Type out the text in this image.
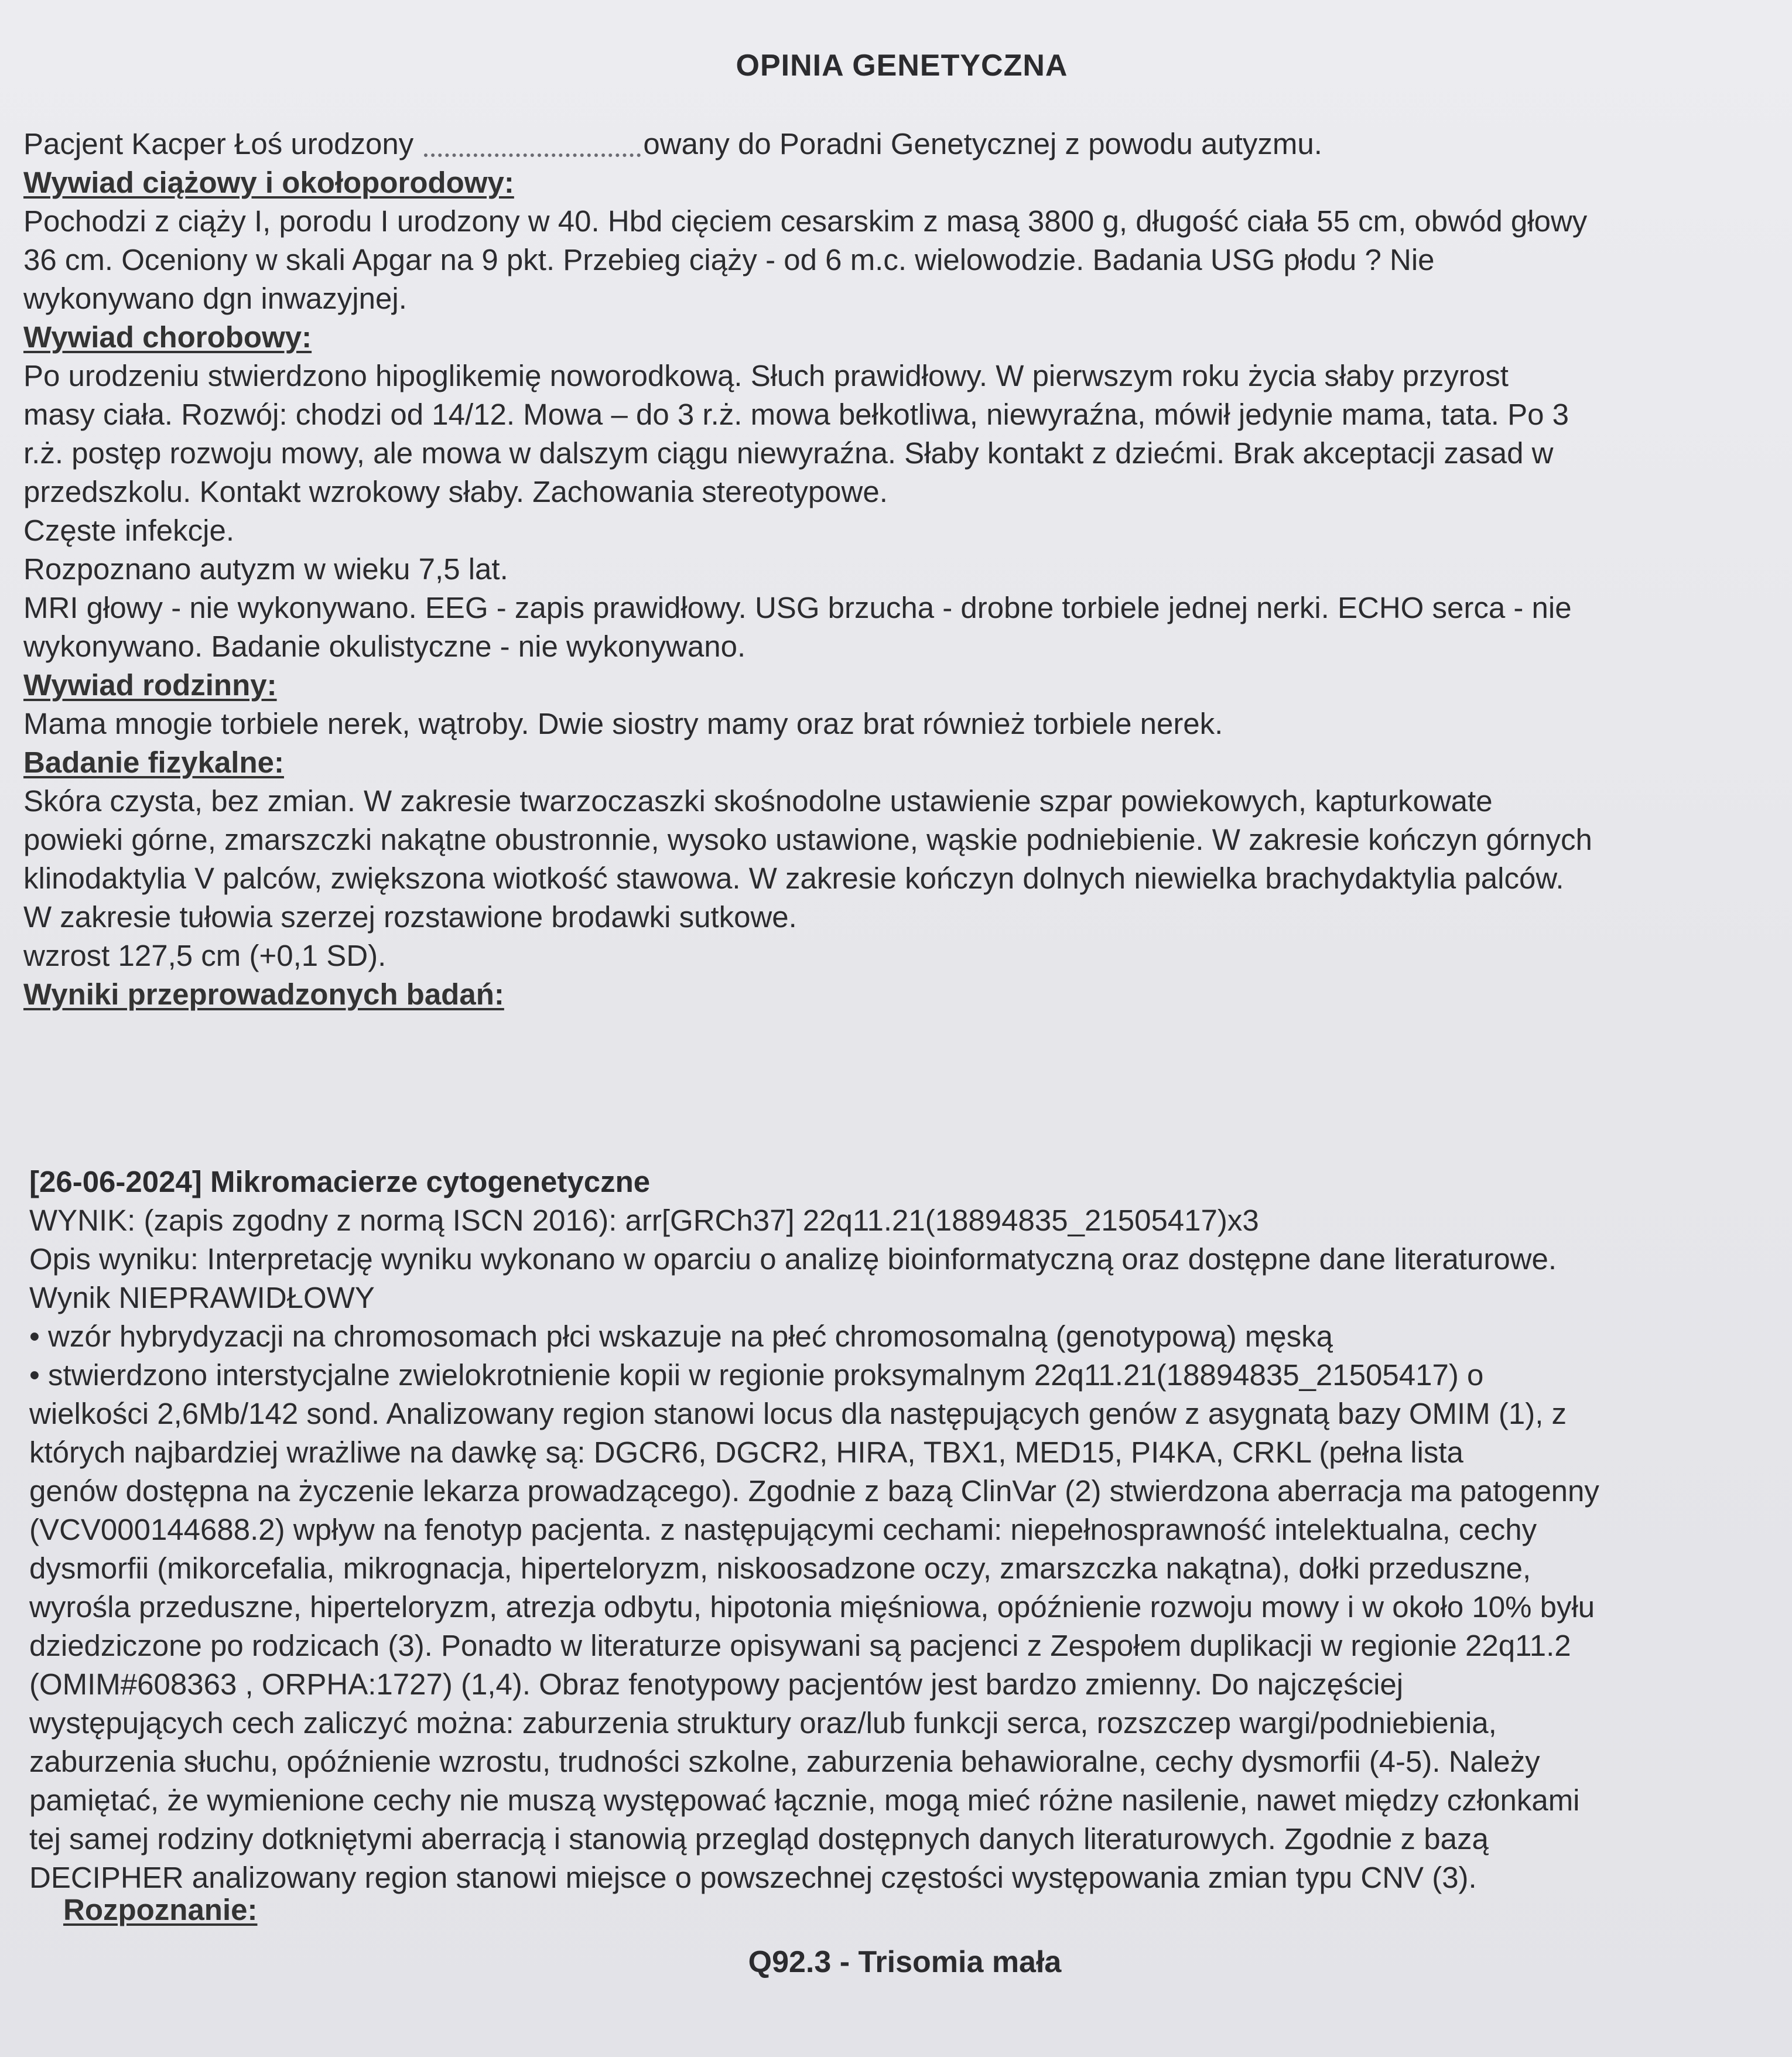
OPINIA GENETYCZNA

Pacjent Kacper Łoś urodzony	owany do Poradni Genetycznej z powodu autyzmu.

Wywiad ciążowy i okołoporodowy:

Pochodzi z ciąży I, porodu I urodzony w 40. Hbd cięciem cesarskim z masą 3800 g, długość ciała 55 cm, obwód głowy

36 cm. Oceniony w skali Apgar na 9 pkt. Przebieg ciąży - od 6 m.c. wielowodzie. Badania USG płodu ? Nie

wykonywano dgn inwazyjnej.

Wywiad chorobowy:

Po urodzeniu stwierdzono hipoglikemię noworodkową. Słuch prawidłowy. W pierwszym roku życia słaby przyrost

masy ciała. Rozwój: chodzi od 14/12. Mowa – do 3 r.ż. mowa bełkotliwa, niewyraźna, mówił jedynie mama, tata. Po 3

r.ż. postęp rozwoju mowy, ale mowa w dalszym ciągu niewyraźna. Słaby kontakt z dziećmi. Brak akceptacji zasad w

przedszkolu. Kontakt wzrokowy słaby. Zachowania stereotypowe.

Częste infekcje.

Rozpoznano autyzm w wieku 7,5 lat.

MRI głowy - nie wykonywano. EEG - zapis prawidłowy. USG brzucha - drobne torbiele jednej nerki. ECHO serca - nie

wykonywano. Badanie okulistyczne - nie wykonywano.

Wywiad rodzinny:

Mama mnogie torbiele nerek, wątroby. Dwie siostry mamy oraz brat również torbiele nerek.

Badanie fizykalne:

Skóra czysta, bez zmian. W zakresie twarzoczaszki skośnodolne ustawienie szpar powiekowych, kapturkowate

powieki górne, zmarszczki nakątne obustronnie, wysoko ustawione, wąskie podniebienie. W zakresie kończyn górnych

klinodaktylia V palców, zwiększona wiotkość stawowa. W zakresie kończyn dolnych niewielka brachydaktylia palców.

W zakresie tułowia szerzej rozstawione brodawki sutkowe.

wzrost 127,5 cm (+0,1 SD).

Wyniki przeprowadzonych badań:

[26-06-2024] Mikromacierze cytogenetyczne

WYNIK: (zapis zgodny z normą ISCN 2016): arr[GRCh37] 22q11.21(18894835_21505417)x3

Opis wyniku: Interpretację wyniku wykonano w oparciu o analizę bioinformatyczną oraz dostępne dane literaturowe.

Wynik NIEPRAWIDŁOWY

• wzór hybrydyzacji na chromosomach płci wskazuje na płeć chromosomalną (genotypową) męską

• stwierdzono interstycjalne zwielokrotnienie kopii w regionie proksymalnym 22q11.21(18894835_21505417) o

wielkości 2,6Mb/142 sond. Analizowany region stanowi locus dla następujących genów z asygnatą bazy OMIM (1), z

których najbardziej wrażliwe na dawkę są: DGCR6, DGCR2, HIRA, TBX1, MED15, PI4KA, CRKL (pełna lista

genów dostępna na życzenie lekarza prowadzącego). Zgodnie z bazą ClinVar (2) stwierdzona aberracja ma patogenny

(VCV000144688.2) wpływ na fenotyp pacjenta. z następującymi cechami: niepełnosprawność intelektualna, cechy

dysmorfii (mikorcefalia, mikrognacja, hiperteloryzm, niskoosadzone oczy, zmarszczka nakątna), dołki przeduszne,

wyrośla przeduszne, hiperteloryzm, atrezja odbytu, hipotonia mięśniowa, opóźnienie rozwoju mowy i w około 10% byłu

dziedziczone po rodzicach (3). Ponadto w literaturze opisywani są pacjenci z Zespołem duplikacji w regionie 22q11.2

(OMIM#608363 , ORPHA:1727) (1,4). Obraz fenotypowy pacjentów jest bardzo zmienny. Do najczęściej

występujących cech zaliczyć można: zaburzenia struktury oraz/lub funkcji serca, rozszczep wargi/podniebienia,

zaburzenia słuchu, opóźnienie wzrostu, trudności szkolne, zaburzenia behawioralne, cechy dysmorfii (4-5). Należy

pamiętać, że wymienione cechy nie muszą występować łącznie, mogą mieć różne nasilenie, nawet między członkami

tej samej rodziny dotkniętymi aberracją i stanowią przegląd dostępnych danych literaturowych. Zgodnie z bazą

DECIPHER analizowany region stanowi miejsce o powszechnej częstości występowania zmian typu CNV (3).

Rozpoznanie:

Q92.3 - Trisomia mała
